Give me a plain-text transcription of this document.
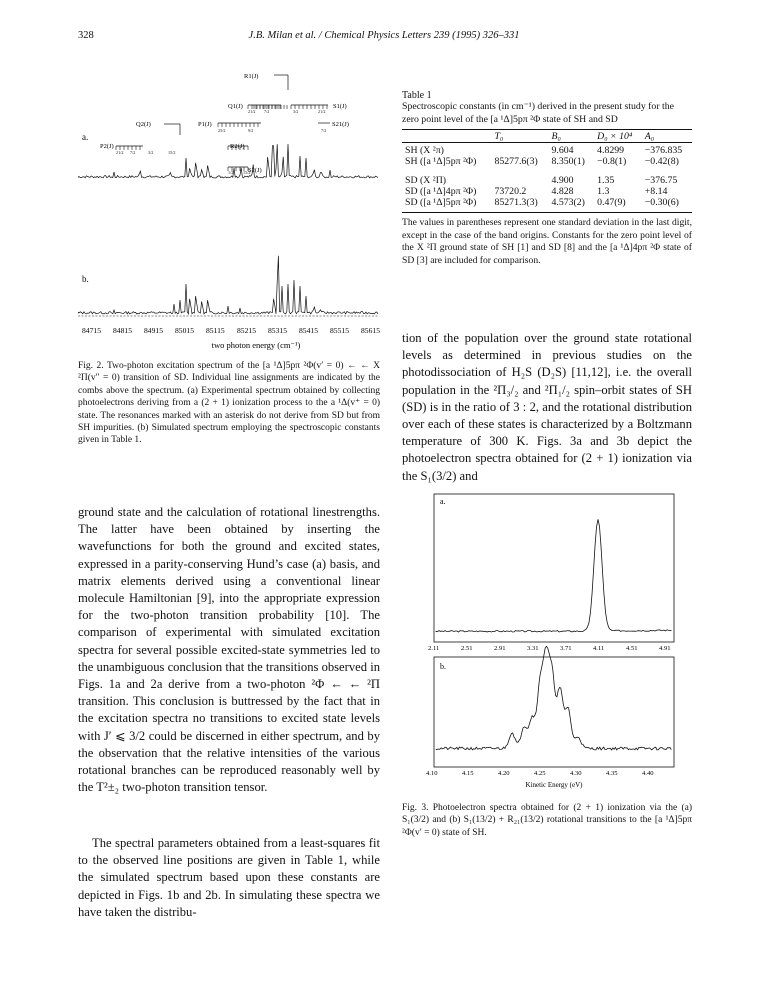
328	J.B. Milan et al. / Chemical Physics Letters 239 (1995) 326–331
a.
b.
R1(J)
Q1(J)	S1(J)
Q2(J)	P1(J)	S21(J)
P2(J)	R2(J)
S2(J)
21/2 7/2	3/2	21/2
25/2	9/2	7/2
21/2 7/2	3/2	15/2
1/2 15/2
84715 84815 84915 85015 85115 85215 85315 85415 85515 85615
two photon energy (cm⁻¹)
Fig. 2. Two-photon excitation spectrum of the [a ¹Δ]5pπ ²Φ(v′ = 0) ← ← X ²Π(v″ = 0) transition of SD. Individual line assignments are indicated by the combs above the spectrum. (a) Experimental spectrum obtained by collecting photoelectrons deriving from a (2 + 1) ionization process to the a ¹Δ(v⁺ = 0) state. The resonances marked with an asterisk do not derive from SD but from SH impurities. (b) Simulated spectrum employing the spectroscopic constants given in Table 1.
ground state and the calculation of rotational linestrengths. The latter have been obtained by inserting the wavefunctions for both the ground and excited states, expressed in a parity-conserving Hund’s case (a) basis, and matrix elements derived using a conventional linear molecule Hamiltonian [9], into the appropriate expression for the two-photon transition probability [10]. The comparison of experimental with simulated excitation spectra for several possible excited-state symmetries led to the unambiguous conclusion that the transitions observed in Figs. 1a and 2a derive from a two-photon ²Φ ← ← ²Π transition. This conclusion is buttressed by the fact that in the excitation spectra no transitions to excited state levels with J′ ⩽ 3/2 could be discerned in either spectrum, and by the observation that the relative intensities of the various rotational branches can be reproduced reasonably well by the T²±₂ two-photon transition tensor.
The spectral parameters obtained from a least-squares fit to the observed line positions are given in Table 1, while the simulated spectrum based upon these constants are depicted in Figs. 1b and 2b. In simulating these spectra we have taken the distribu-
Table 1
Spectroscopic constants (in cm⁻¹) derived in the present study for the zero point level of the [a ¹Δ]5pπ ²Φ state of SH and SD
	T₀	B₀	D₀ × 10⁴	A₀

SH (X ²π)		9.604	4.8299	−376.835
SH ([a ¹Δ]5pπ ²Φ)	85277.6(3)	8.350(1)	−0.8(1)	−0.42(8)

SD (X ²Π)		4.900	1.35	−376.75
SD ([a ¹Δ]4pπ ²Φ)	73720.2	4.828	1.3	+8.14
SD ([a ¹Δ]5pπ ²Φ)	85271.3(3)	4.573(2)	0.47(9)	−0.30(6)
The values in parentheses represent one standard deviation in the last digit, except in the case of the band origins. Constants for the zero point level of the X ²Π ground state of SH [1] and SD [8] and the [a ¹Δ]4pπ ²Φ state of SD [3] are included for comparison.
tion of the population over the ground state rotational levels as determined in previous studies on the photodissociation of H₂S (D₂S) [11,12], i.e. the overall population in the ²Π₃/₂ and ²Π₁/₂ spin–orbit states of SH (SD) is in the ratio of 3 : 2, and the rotational distribution over each of these states is characterized by a Boltzmann temperature of 300 K. Figs. 3a and 3b depict the photoelectron spectra obtained for (2 + 1) ionization via the S₁(3/2) and
a.
2.11	2.51	2.91	3.31	3.71	4.11	4.51	4.91
b.
4.10	4.15	4.20	4.25	4.30	4.35	4.40
Kinetic Energy (eV)
Fig. 3. Photoelectron spectra obtained for (2 + 1) ionization via the (a) S₁(3/2) and (b) S₁(13/2) + R₂₁(13/2) rotational transitions to the [a ¹Δ]5pπ ²Φ(v′ = 0) state of SH.
